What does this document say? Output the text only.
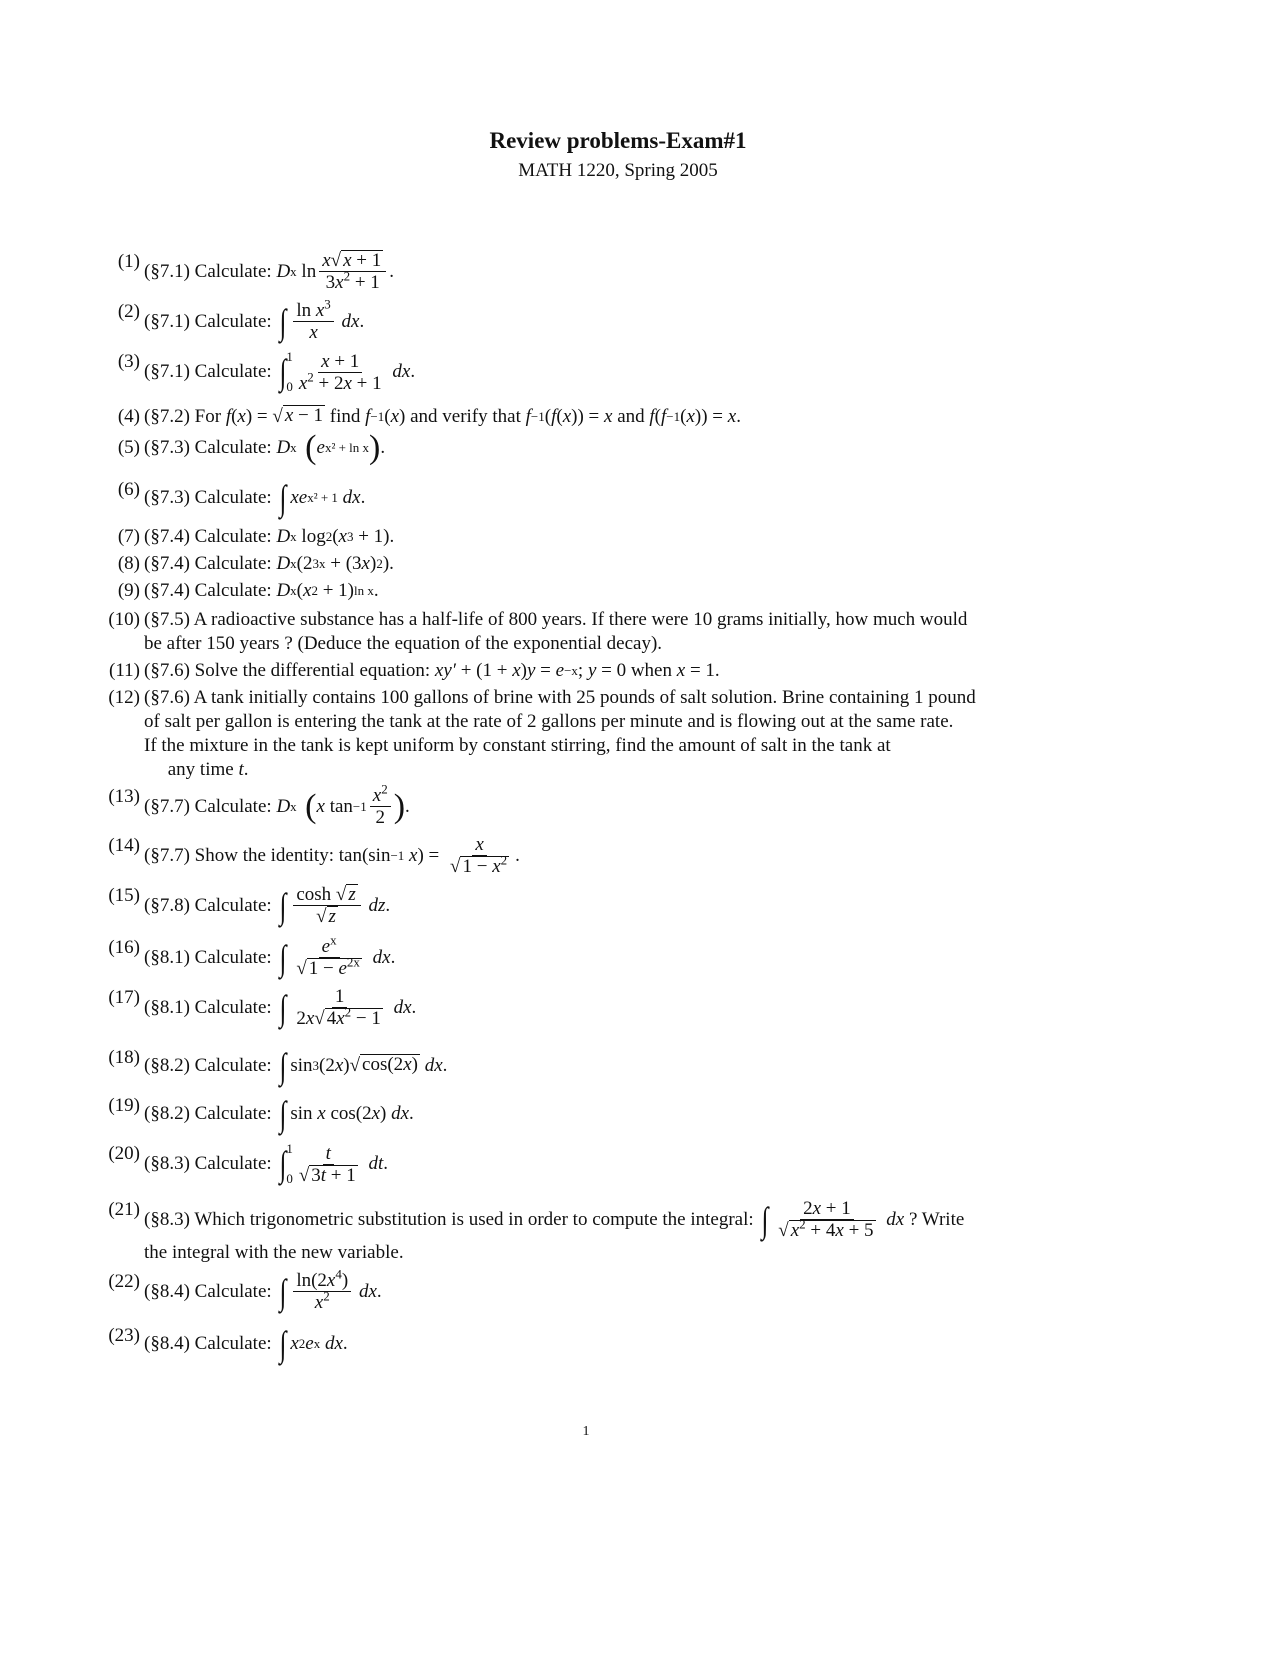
Review problems-Exam#1
MATH 1220, Spring 2005
(1) (§7.1) Calculate: D x $\ln \frac{x √ x + 1}{3x^2 + 1}$ .
(2) (§7.1) Calculate: ∫ $\frac{\ln x^3}{x}$ dx .
(3) (§7.1) Calculate: ∫ 1
$0 \frac{x + 1}{x^2 + 2x + 1}$ dx .
(4) (§7.2) For f ( x ) = √ x − 1 find f −1 ( x ) and verify that f −1 ( f ( x )) = x and f ( f −1 ( x )) = x .
(5) (§7.3) Calculate: D x ( e x² + ln x ) .
(6) (§7.3) Calculate: ∫ xe x² + 1 dx .
(7) (§7.4) Calculate: D x log 2 ( x 3 + 1).
(8) (§7.4) Calculate: D x (2 3x + (3 x ) 2 ).
(9) (§7.4) Calculate: D x ( x 2 + 1) ln x .
(10) (§7.5) A radioactive substance has a half-life of 800 years. If there were 10 grams initially, how much would
be after 150 years ? (Deduce the equation of the exponential decay).
(11) (§7.6) Solve the differential equation: xy′ + (1 + x ) y = e −x ; y = 0 when x = 1.
(12) (§7.6) A tank initially contains 100 gallons of brine with 25 pounds of salt solution. Brine containing 1 pound
of salt per gallon is entering the tank at the rate of 2 gallons per minute and is flowing out at the same rate.
If the mixture in the tank is kept uniform by constant stirring, find the amount of salt in the tank at
any time t .
(13) (§7.7) Calculate: D x ( x $\tan -1 \frac{x^2}{2}$ ) .
(14) (§7.7) Show the identity: tan(sin −1 x ) = $\frac{x}{√ 1 - x^2}$ .
(15) (§7.8) Calculate: ∫ $\frac{\cosh √ z}{√ z}$ dz .
(16) (§8.1) Calculate: ∫ $\frac{e^x}{√ 1 - e^{2x}}$ dx .
(17) (§8.1) Calculate: ∫ $\frac{1}{2x √ 4x^2 - 1}$ dx .
(18) (§8.2) Calculate: ∫ sin 3 (2 x ) √ cos(2x) dx .
(19) (§8.2) Calculate: ∫ sin x cos(2 x ) dx .
(20) (§8.3) Calculate: ∫ 1
$0 \frac{t}{√ 3t + 1}$ dt .
(21) (§8.3) Which trigonometric substitution is used in order to compute the integral: ∫ $\frac{2x + 1}{√ x^2 + 4x + 5}$ dx ? Write
the integral with the new variable.
(22) (§8.4) Calculate: ∫ $\frac{\ln(2x^4)}{x^2}$ dx .
(23) (§8.4) Calculate: ∫ x 2 e x dx .
1
